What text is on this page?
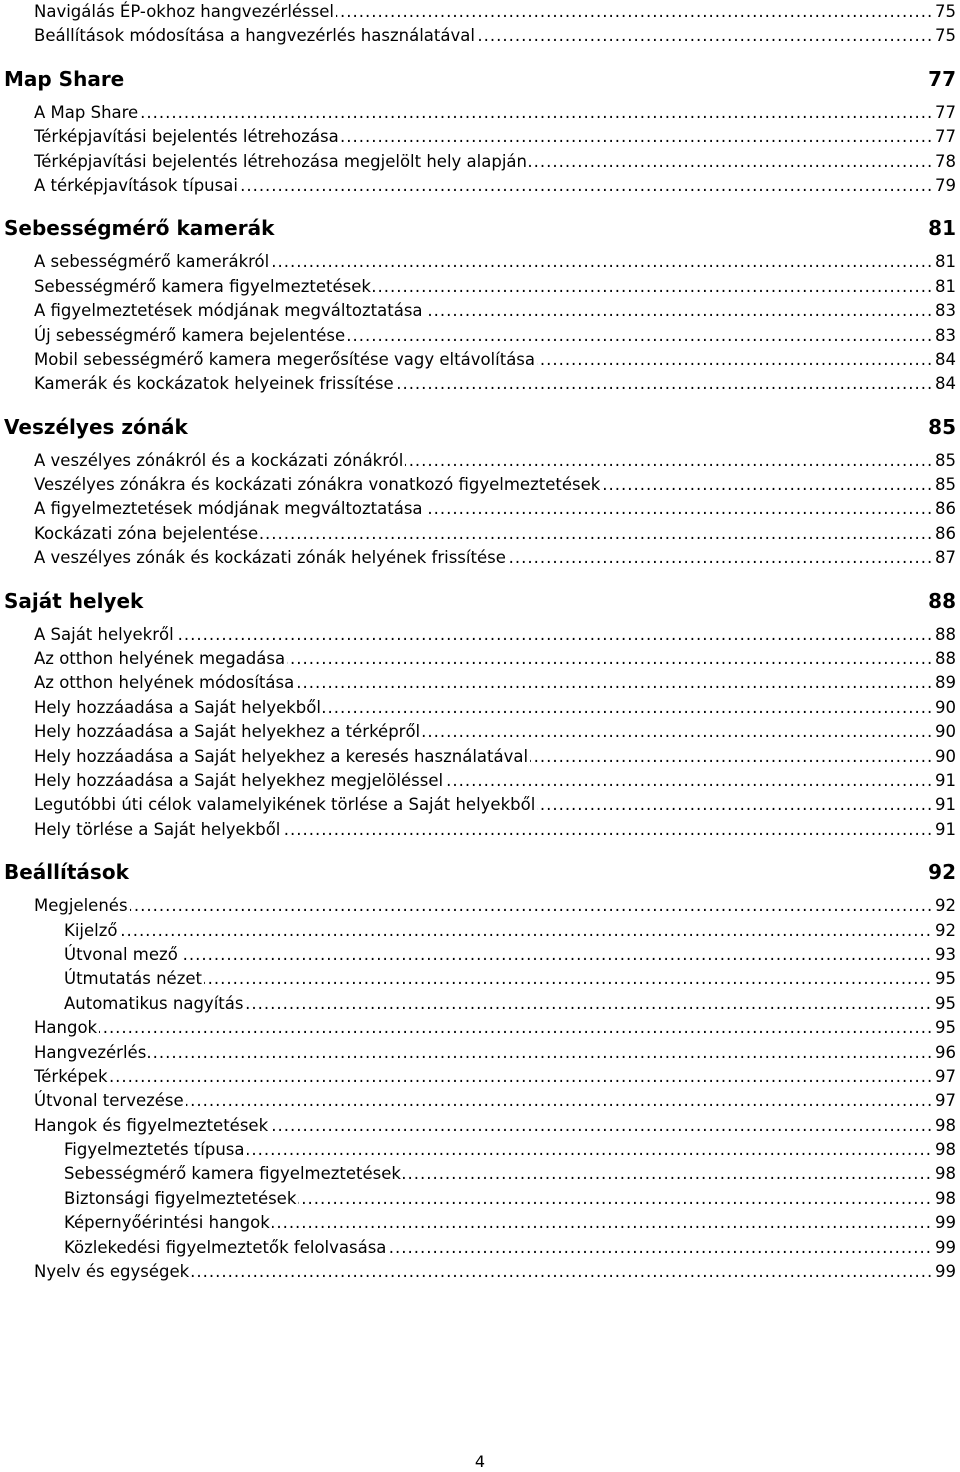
Navigálás ÉP-okhoz hangvezérléssel	75
.....
Beállítások módosítása a hangvezérlés használatával	75
.....
Map Share	77
A Map Share	77
.....
Térképjavítási bejelentés létrehozása	77
.....
Térképjavítási bejelentés létrehozása megjelölt hely alapján	78
.....
A térképjavítások típusai	79
.....
Sebességmérő kamerák	81
A sebességmérő kamerákról	81
.....
Sebességmérő kamera figyelmeztetések	81
.....
A figyelmeztetések módjának megváltoztatása	83
.....
Új sebességmérő kamera bejelentése	83
.....
Mobil sebességmérő kamera megerősítése vagy eltávolítása	84
.....
Kamerák és kockázatok helyeinek frissítése	84
.....
Veszélyes zónák	85
A veszélyes zónákról és a kockázati zónákról	85
.....
Veszélyes zónákra és kockázati zónákra vonatkozó figyelmeztetések	85
.....
A figyelmeztetések módjának megváltoztatása	86
.....
Kockázati zóna bejelentése	86
.....
A veszélyes zónák és kockázati zónák helyének frissítése	87
.....
Saját helyek	88
A Saját helyekről	88
.....
Az otthon helyének megadása	88
.....
Az otthon helyének módosítása	89
.....
Hely hozzáadása a Saját helyekből	90
.....
Hely hozzáadása a Saját helyekhez a térképről	90
.....
Hely hozzáadása a Saját helyekhez a keresés használatával	90
.....
Hely hozzáadása a Saját helyekhez megjelöléssel	91
.....
Legutóbbi úti célok valamelyikének törlése a Saját helyekből	91
.....
Hely törlése a Saját helyekből	91
.....
Beállítások	92
Megjelenés	92
.....
Kijelző	92
.....
Útvonal mező	93
.....
Útmutatás nézet	95
.....
Automatikus nagyítás	95
.....
Hangok	95
.....
Hangvezérlés	96
.....
Térképek	97
.....
Útvonal tervezése	97
.....
Hangok és figyelmeztetések	98
.....
Figyelmeztetés típusa	98
.....
Sebességmérő kamera figyelmeztetések	98
.....
Biztonsági figyelmeztetések	98
.....
Képernyőérintési hangok	99
.....
Közlekedési figyelmeztetők felolvasása	99
.....
Nyelv és egységek	99
.....
4
